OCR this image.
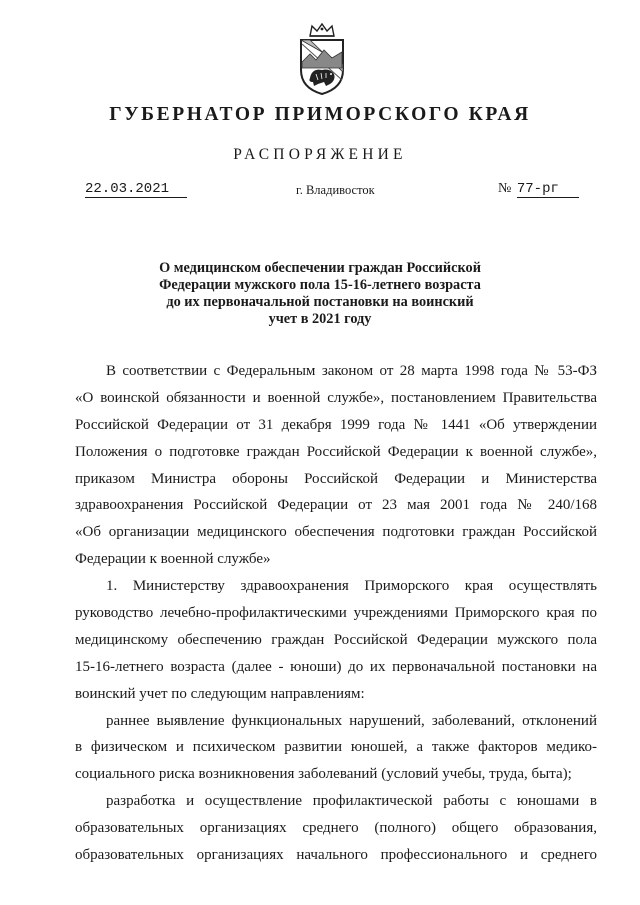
ГУБЕРНАТОР ПРИМОРСКОГО КРАЯ
РАСПОРЯЖЕНИЕ
22.03.2021	г. Владивосток	№ 77-рг
О медицинском обеспечении граждан Российской
Федерации мужского пола 15-16-летнего возраста
до их первоначальной постановки на воинский
учет в 2021 году
В соответствии с Федеральным законом от 28 марта 1998 года № 53-ФЗ
«О воинской обязанности и военной службе», постановлением Правительства
Российской Федерации от 31 декабря 1999 года № 1441 «Об утверждении
Положения о подготовке граждан Российской Федерации к военной службе»,
приказом Министра обороны Российской Федерации и Министерства
здравоохранения Российской Федерации от 23 мая 2001 года № 240/168
«Об организации медицинского обеспечения подготовки граждан Российской
Федерации к военной службе»
1. Министерству здравоохранения Приморского края осуществлять
руководство лечебно-профилактическими учреждениями Приморского края по
медицинскому обеспечению граждан Российской Федерации мужского пола
15-16-летнего возраста (далее - юноши) до их первоначальной постановки на
воинский учет по следующим направлениям:
раннее выявление функциональных нарушений, заболеваний, отклонений
в физическом и психическом развитии юношей, а также факторов медико-
социального риска возникновения заболеваний (условий учебы, труда, быта);
разработка и осуществление профилактической работы с юношами в
образовательных организациях среднего (полного) общего образования,
образовательных организациях начального профессионального и среднего
